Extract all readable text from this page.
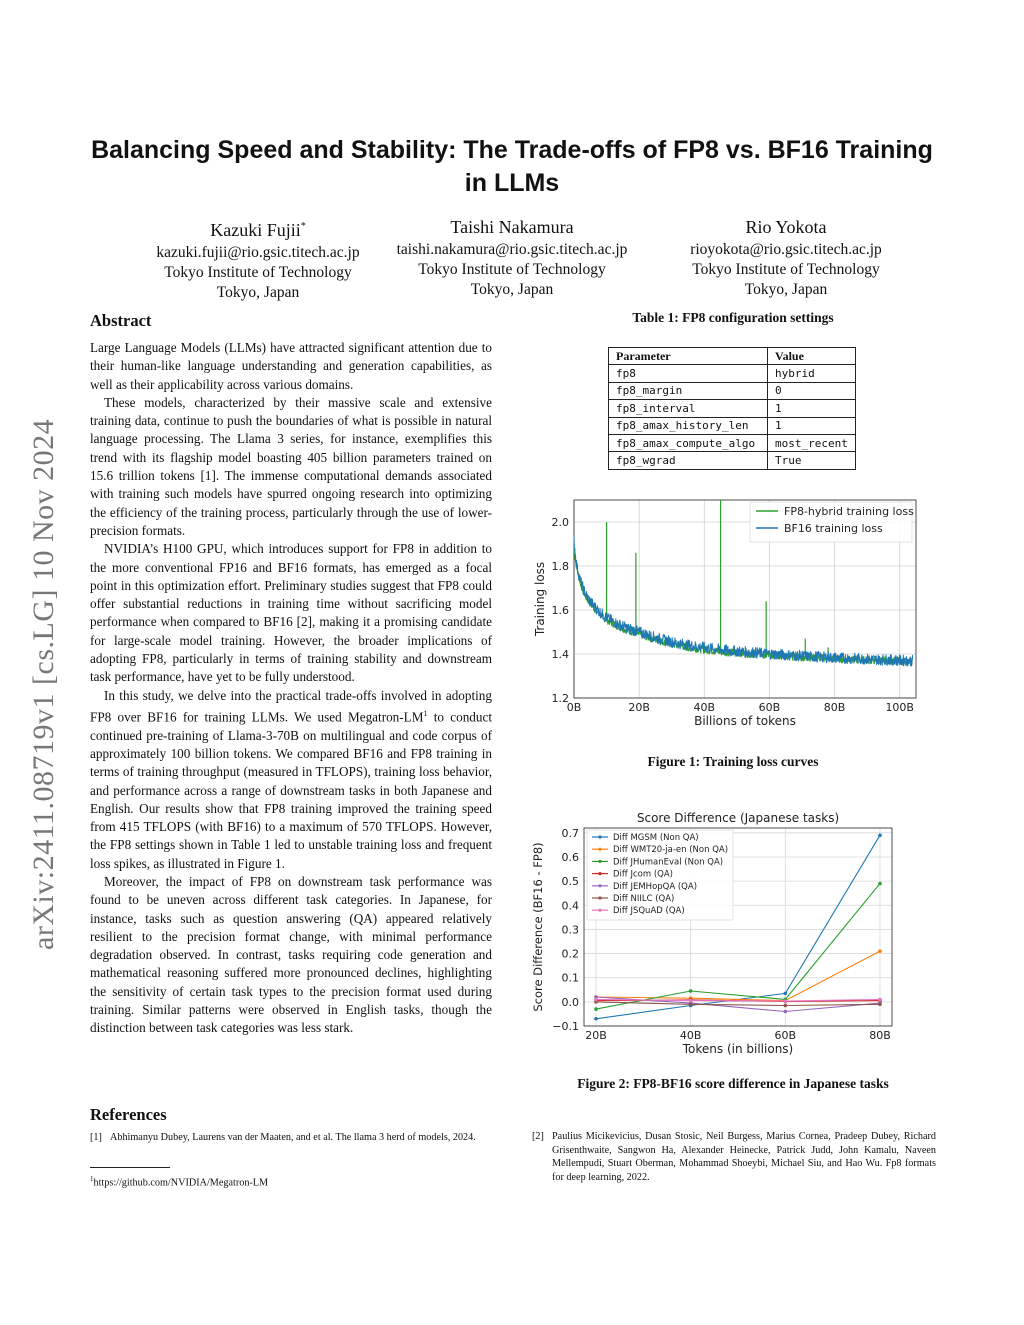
arXiv:2411.08719v1 [cs.LG] 10 Nov 2024
Balancing Speed and Stability: The Trade-offs of FP8 vs. BF16 Training in LLMs
Kazuki Fujii*
kazuki.fujii@rio.gsic.titech.ac.jp
Tokyo Institute of Technology
Tokyo, Japan
Taishi Nakamura
taishi.nakamura@rio.gsic.titech.ac.jp
Tokyo Institute of Technology
Tokyo, Japan
Rio Yokota
rioyokota@rio.gsic.titech.ac.jp
Tokyo Institute of Technology
Tokyo, Japan
Abstract

Large Language Models (LLMs) have attracted significant attention due to their human-like language understanding and generation capabilities, as well as their applicability across various domains.

These models, characterized by their massive scale and extensive training data, continue to push the boundaries of what is possible in natural language processing. The Llama 3 series, for instance, exemplifies this trend with its flagship model boasting 405 billion parameters trained on 15.6 trillion tokens [1]. The immense computational demands associated with training such models have spurred ongoing research into optimizing the efficiency of the training process, particularly through the use of lower-precision formats.

NVIDIA’s H100 GPU, which introduces support for FP8 in addition to the more conventional FP16 and BF16 formats, has emerged as a focal point in this optimization effort. Preliminary studies suggest that FP8 could offer substantial reductions in training time without sacrificing model performance when compared to BF16 [2], making it a promising candidate for large-scale model training. However, the broader implications of adopting FP8, particularly in terms of training stability and downstream task performance, have yet to be fully understood.

In this study, we delve into the practical trade-offs involved in adopting FP8 over BF16 for training LLMs. We used Megatron-$LM^1$ to conduct continued pre-training of Llama-3-70B on multilingual and code corpus of approximately 100 billion tokens. We compared BF16 and FP8 training in terms of training throughput (measured in TFLOPS), training loss behavior, and performance across a range of downstream tasks in both Japanese and English. Our results show that FP8 training improved the training speed from 415 TFLOPS (with BF16) to a maximum of 570 TFLOPS. However, the FP8 settings shown in Table 1 led to unstable training loss and frequent loss spikes, as illustrated in Figure 1.

Moreover, the impact of FP8 on downstream task performance was found to be uneven across different task categories. In Japanese, for instance, tasks such as question answering (QA) appeared relatively resilient to the precision format change, with minimal performance degradation observed. In contrast, tasks requiring code generation and mathematical reasoning suffered more pronounced declines, highlighting the sensitivity of certain task types to the precision format used during training. Similar patterns were observed in English tasks, though the distinction between task categories was less stark.

Table 1: FP8 configuration settings
Parameter	Value
fp8	hybrid
fp8_margin	0
fp8_interval	1
fp8_amax_history_len	1
fp8_amax_compute_algo	most_recent
fp8_wgrad	True
0B	20B	40B	60B	80B	100B
1.2
1.4
1.6
1.8
2.0
FP8-hybrid training loss
BF16 training loss
Billions of tokens
Training loss
Figure 1: Training loss curves
Score Difference (Japanese tasks)
20B	40B	60B	80B
−0.1
0.0
0.1
0.2
0.3
0.4
0.5
0.6
0.7	Diff MGSM (Non QA)
Diff WMT20-ja-en (Non QA)
Diff JHumanEval (Non QA)
Diff Jcom (QA)
Diff JEMHopQA (QA)
Diff NIILC (QA)
Diff JSQuAD (QA)
Tokens (in billions)
Score Difference (BF16 - FP8)
Figure 2: FP8-BF16 score difference in Japanese tasks
References
[1] Abhimanyu Dubey, Laurens van der Maaten, and et al. The llama 3 herd of models, 2024.	[2] Paulius Micikevicius, Dusan Stosic, Neil Burgess, Marius Cornea, Pradeep Dubey, Richard Grisenthwaite, Sangwon Ha, Alexander Heinecke, Patrick Judd, John Kamalu, Naveen Mellempudi, Stuart Oberman, Mohammad Shoeybi, Michael Siu, and Hao Wu. Fp8 formats for deep learning, 2022.
$^1$https://github.com/NVIDIA/Megatron-LM
